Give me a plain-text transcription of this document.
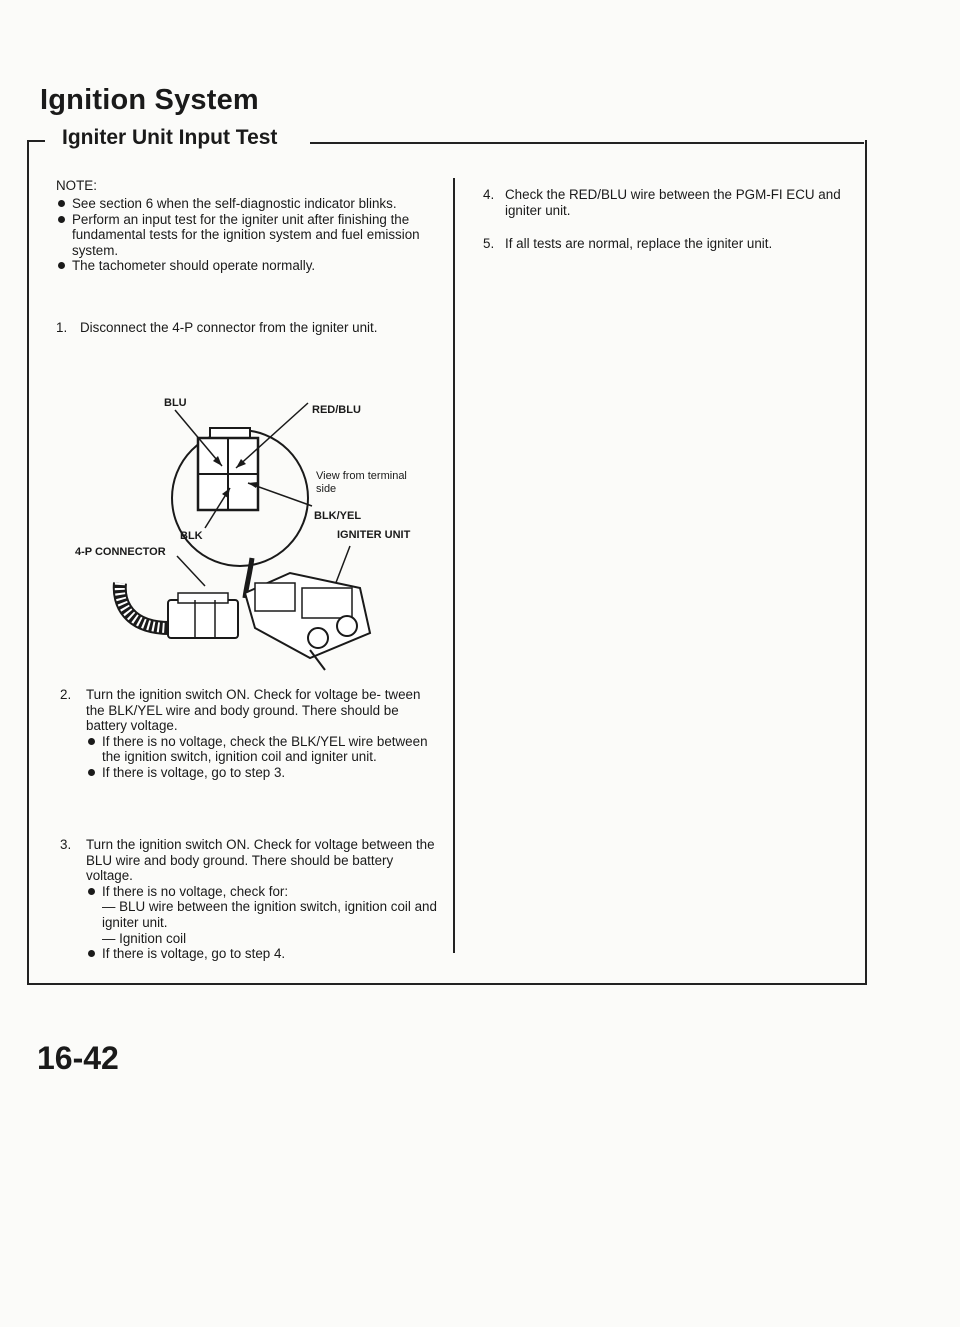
Ignition System
Igniter Unit Input Test
NOTE:
See section 6 when the self-diagnostic indicator blinks.
Perform an input test for the igniter unit after finishing the fundamental tests for the ignition system and fuel emission system.
The tachometer should operate normally.
1. Disconnect the 4-P connector from the igniter unit.
BLU
RED/BLU
View from terminal
side
BLK/YEL
BLK	IGNITER UNIT
4-P CONNECTOR
2.	Turn the ignition switch ON. Check for voltage be- tween the BLK/YEL wire and body ground. There should be battery voltage.
If there is no voltage, check the BLK/YEL wire between the ignition switch, ignition coil and igniter unit.
If there is voltage, go to step 3.
3.	Turn the ignition switch ON. Check for voltage between the BLU wire and body ground. There should be battery voltage.
If there is no voltage, check for:
— BLU wire between the ignition switch, ignition coil and igniter unit.
— Ignition coil
If there is voltage, go to step 4.
4. Check the RED/BLU wire between the PGM-FI ECU and igniter unit.
5. If all tests are normal, replace the igniter unit.
16-42
